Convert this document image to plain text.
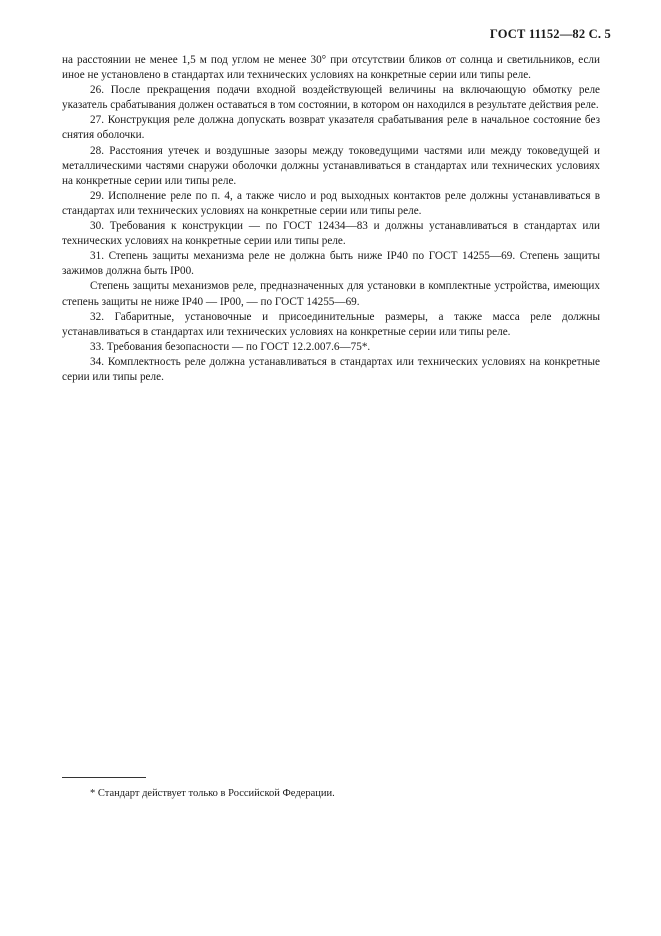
ГОСТ 11152—82 С. 5

на расстоянии не менее 1,5 м под углом не менее 30° при отсутствии бликов от солнца и светильников, если иное не установлено в стандартах или технических условиях на конкретные серии или типы реле.

26. После прекращения подачи входной воздействующей величины на включающую обмотку реле указатель срабатывания должен оставаться в том состоянии, в котором он находился в результате действия реле.

27. Конструкция реле должна допускать возврат указателя срабатывания реле в начальное состояние без снятия оболочки.

28. Расстояния утечек и воздушные зазоры между токоведущими частями или между токоведущей и металлическими частями снаружи оболочки должны устанавливаться в стандартах или технических условиях на конкретные серии или типы реле.

29. Исполнение реле по п. 4, а также число и род выходных контактов реле должны устанавливаться в стандартах или технических условиях на конкретные серии или типы реле.

30. Требования к конструкции — по ГОСТ 12434—83 и должны устанавливаться в стандартах или технических условиях на конкретные серии или типы реле.

31. Степень защиты механизма реле не должна быть ниже IP40 по ГОСТ 14255—69. Степень защиты зажимов должна быть IP00.

Степень защиты механизмов реле, предназначенных для установки в комплектные устройства, имеющих степень защиты не ниже IP40 — IP00, — по ГОСТ 14255—69.

32. Габаритные, установочные и присоединительные размеры, а также масса реле должны устанавливаться в стандартах или технических условиях на конкретные серии или типы реле.

33. Требования безопасности — по ГОСТ 12.2.007.6—75*.

34. Комплектность реле должна устанавливаться в стандартах или технических условиях на конкретные серии или типы реле.

* Стандарт действует только в Российской Федерации.
